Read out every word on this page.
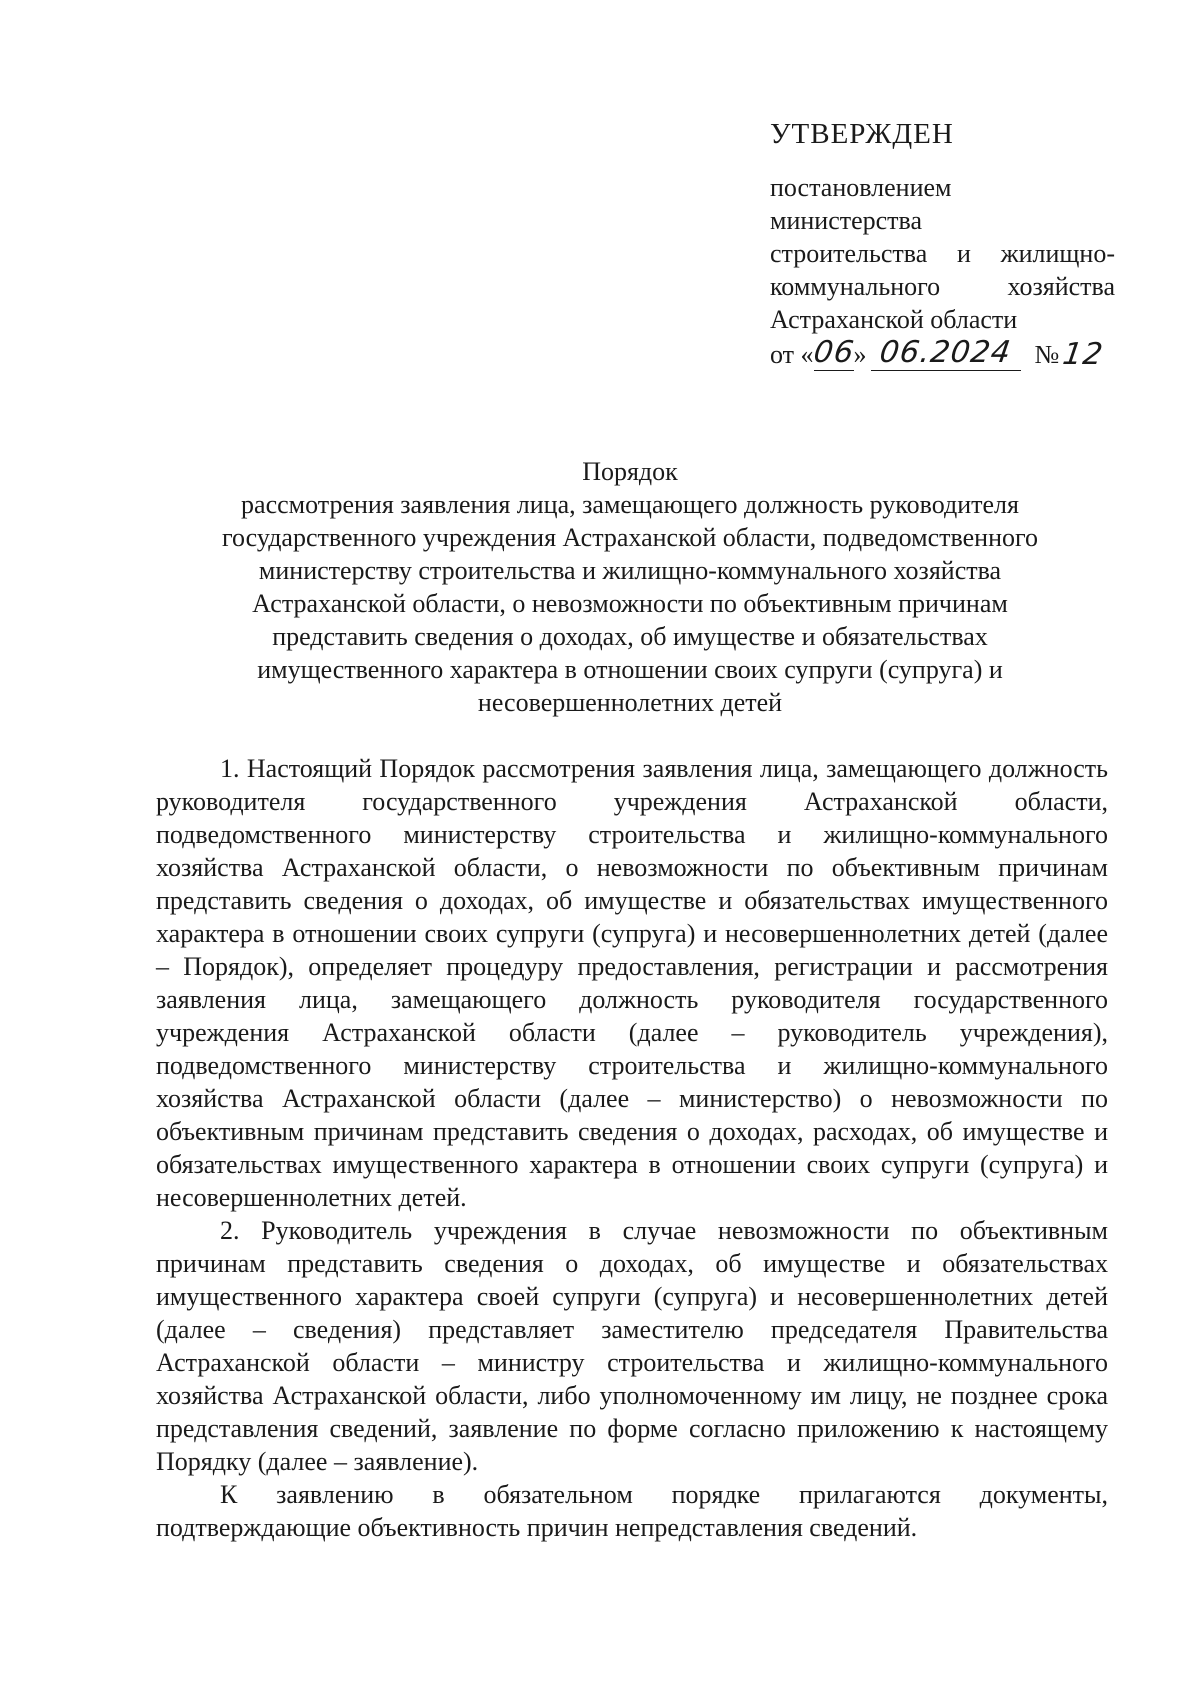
УТВЕРЖДЕН
постановлением
министерства
строительства и жилищно-
коммунального	хозяйства
Астраханской области
от «
06
» 06.2024 № 12
Порядок
рассмотрения заявления лица, замещающего должность руководителя
государственного учреждения Астраханской области, подведомственного
министерству строительства и жилищно-коммунального хозяйства
Астраханской области, о невозможности по объективным причинам
представить сведения о доходах, об имуществе и обязательствах
имущественного характера в отношении своих супруги (супруга) и
несовершеннолетних детей

1. Настоящий Порядок рассмотрения заявления лица, замещающего должность руководителя государственного учреждения Астраханской области, подведомственного министерству строительства и жилищно-коммунального хозяйства Астраханской области, о невозможности по объективным причинам представить сведения о доходах, об имуществе и обязательствах имущественного характера в отношении своих супруги (супруга) и несовершеннолетних детей (далее – Порядок), определяет процедуру предоставления, регистрации и рассмотрения заявления лица, замещающего должность руководителя государственного учреждения Астраханской области (далее – руководитель учреждения), подведомственного министерству строительства и жилищно-коммунального хозяйства Астраханской области (далее – министерство) о невозможности по объективным причинам представить сведения о доходах, расходах, об имуществе и обязательствах имущественного характера в отношении своих супруги (супруга) и несовершеннолетних детей.

2. Руководитель учреждения в случае невозможности по объективным причинам представить сведения о доходах, об имуществе и обязательствах имущественного характера своей супруги (супруга) и несовершеннолетних детей (далее – сведения) представляет заместителю председателя Правительства Астраханской области – министру строительства и жилищно-коммунального хозяйства Астраханской области, либо уполномоченному им лицу, не позднее срока представления сведений, заявление по форме согласно приложению к настоящему Порядку (далее – заявление).

К заявлению в обязательном порядке прилагаются документы, подтверждающие объективность причин непредставления сведений.
